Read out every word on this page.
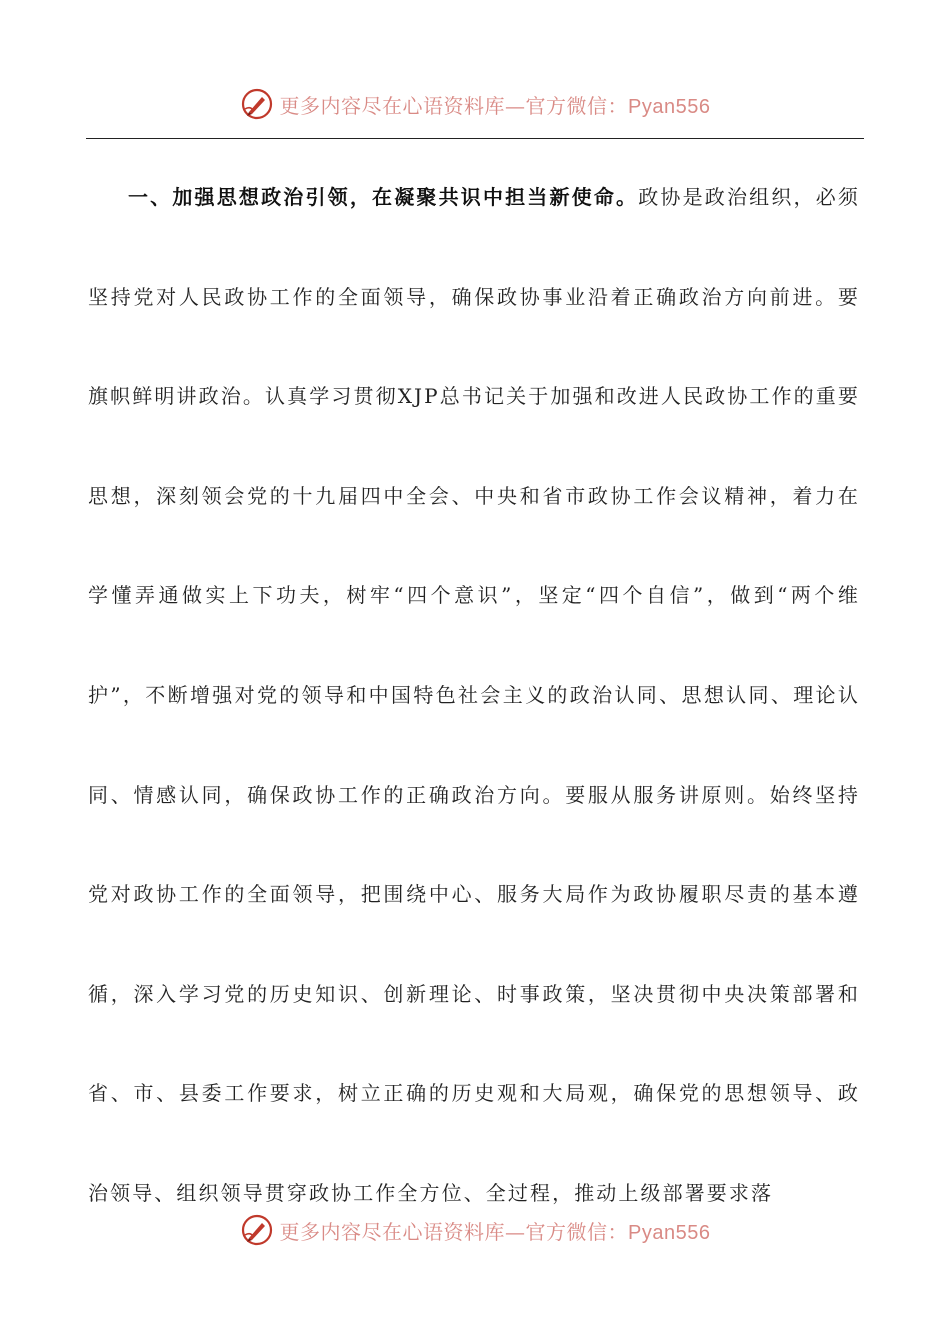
更多内容尽在心语资料库—官方微信：Pyan556

一、加强思想政治引领，在凝聚共识中担当新使命。政协是政治组织，必须坚持党对人民政协工作的全面领导，确保政协事业沿着正确政治方向前进。要旗帜鲜明讲政治。认真学习贯彻XJP总书记关于加强和改进人民政协工作的重要思想，深刻领会党的十九届四中全会、中央和省市政协工作会议精神，着力在学懂弄通做实上下功夫，树牢“四个意识”，坚定“四个自信”，做到“两个维护”，不断增强对党的领导和中国特色社会主义的政治认同、思想认同、理论认同、情感认同，确保政协工作的正确政治方向。要服从服务讲原则。始终坚持党对政协工作的全面领导，把围绕中心、服务大局作为政协履职尽责的基本遵循，深入学习党的历史知识、创新理论、时事政策，坚决贯彻中央决策部署和省、市、县委工作要求，树立正确的历史观和大局观，确保党的思想领导、政治领导、组织领导贯穿政协工作全方位、全过程，推动上级部署要求落

更多内容尽在心语资料库—官方微信：Pyan556
